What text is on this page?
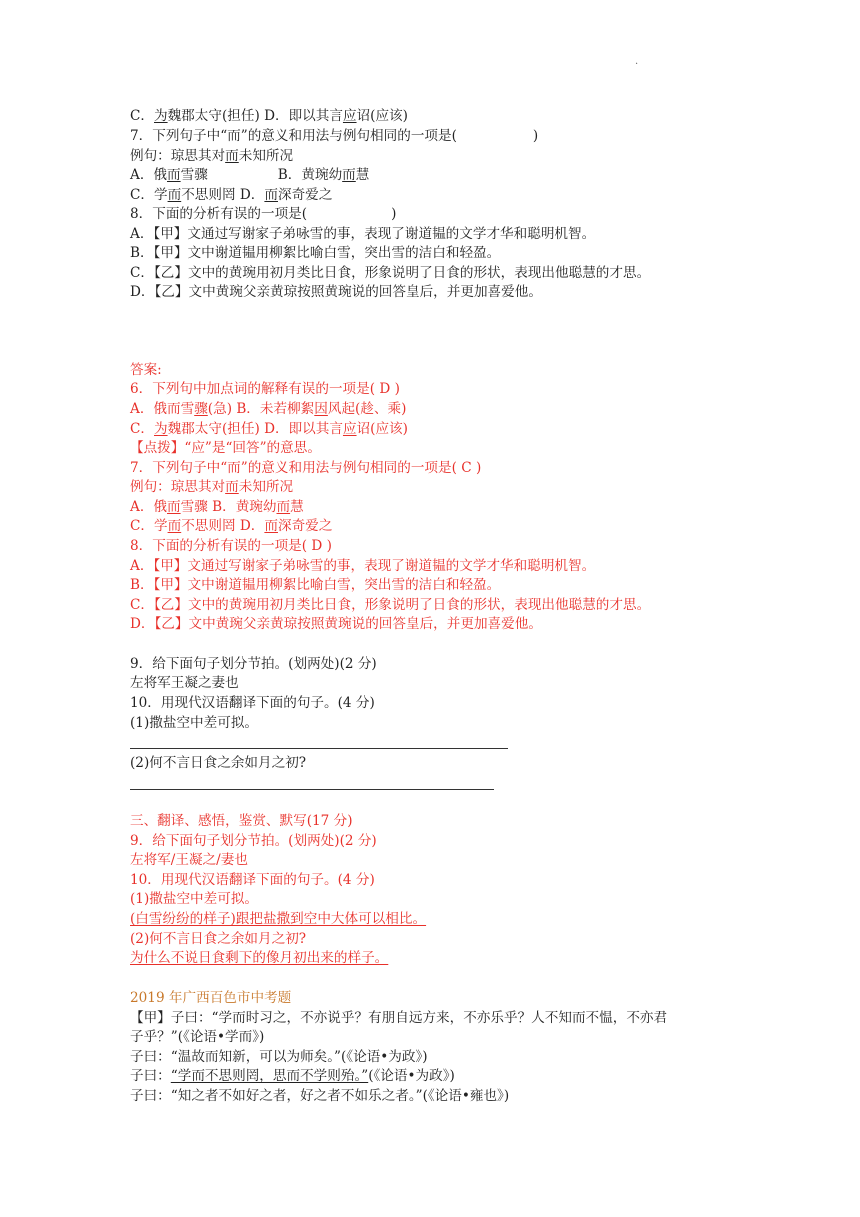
.
C．为魏郡太守(担任) D．即以其言应诏(应该)
7．下列句子中“而”的意义和用法与例句相同的一项是(	)
例句：琼思其对而未知所况
A．俄而雪骤	B．黄琬幼而慧
C．学而不思则罔 D．而深奇爱之
8．下面的分析有误的一项是(	)
A．【甲】文通过写谢家子弟咏雪的事，表现了谢道韫的文学才华和聪明机智。
B．【甲】文中谢道韫用柳絮比喻白雪，突出雪的洁白和轻盈。
C．【乙】文中的黄琬用初月类比日食，形象说明了日食的形状，表现出他聪慧的才思。
D．【乙】文中黄琬父亲黄琼按照黄琬说的回答皇后，并更加喜爱他。
答案:
6．下列句中加点词的解释有误的一项是( D )
A．俄而雪骤(急) B．未若柳絮因风起(趁、乘)
C．为魏郡太守(担任) D．即以其言应诏(应该)
【点拨】“应”是“回答”的意思。
7．下列句子中“而”的意义和用法与例句相同的一项是( C )
例句：琼思其对而未知所况
A．俄而雪骤 B．黄琬幼而慧
C．学而不思则罔 D．而深奇爱之
8．下面的分析有误的一项是( D )
A．【甲】文通过写谢家子弟咏雪的事，表现了谢道韫的文学才华和聪明机智。
B．【甲】文中谢道韫用柳絮比喻白雪，突出雪的洁白和轻盈。
C．【乙】文中的黄琬用初月类比日食，形象说明了日食的形状，表现出他聪慧的才思。
D．【乙】文中黄琬父亲黄琼按照黄琬说的回答皇后，并更加喜爱他。
9．给下面句子划分节拍。(划两处)(2 分)
左将军王凝之妻也
10．用现代汉语翻译下面的句子。(4 分)
(1)撒盐空中差可拟。
(2)何不言日食之余如月之初?
三、翻译、感悟，鉴赏、默写(17 分)
9．给下面句子划分节拍。(划两处)(2 分)
左将军/王凝之/妻也
10．用现代汉语翻译下面的句子。(4 分)
(1)撒盐空中差可拟。
(白雪纷纷的样子)跟把盐撒到空中大体可以相比。
(2)何不言日食之余如月之初?
为什么不说日食剩下的像月初出来的样子。
2019 年广西百色市中考题
【甲】子曰：“学而时习之，不亦说乎？有朋自远方来，不亦乐乎？人不知而不愠，不亦君
子乎？”(《论语•学而》)
子曰：“温故而知新，可以为师矣。”(《论语•为政》)
子曰：“学而不思则罔，思而不学则殆。”(《论语•为政》)
子曰：“知之者不如好之者，好之者不如乐之者。”(《论语•雍也》)
